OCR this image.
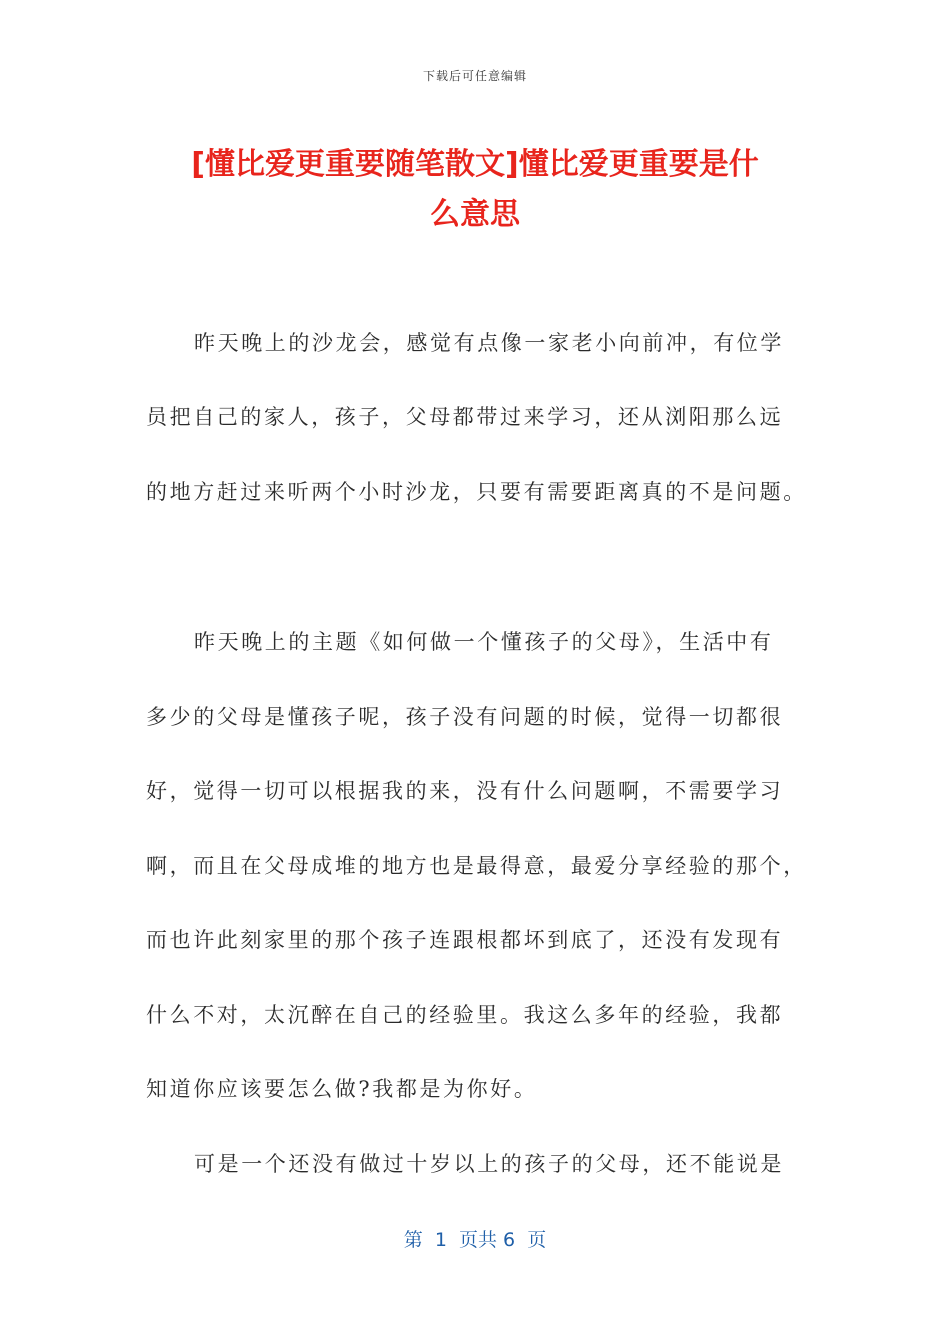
下载后可任意编辑
[懂比爱更重要随笔散文]懂比爱更重要是什
么意思
昨天晚上的沙龙会，感觉有点像一家老小向前冲，有位学
员把自己的家人，孩子，父母都带过来学习，还从浏阳那么远
的地方赶过来听两个小时沙龙，只要有需要距离真的不是问题。
昨天晚上的主题《如何做一个懂孩子的父母》，生活中有
多少的父母是懂孩子呢，孩子没有问题的时候，觉得一切都很
好，觉得一切可以根据我的来，没有什么问题啊，不需要学习
啊，而且在父母成堆的地方也是最得意，最爱分享经验的那个，
而也许此刻家里的那个孩子连跟根都坏到底了，还没有发现有
什么不对，太沉醉在自己的经验里。我这么多年的经验，我都
知道你应该要怎么做?我都是为你好。
可是一个还没有做过十岁以上的孩子的父母，还不能说是
第  1  页共 6  页
